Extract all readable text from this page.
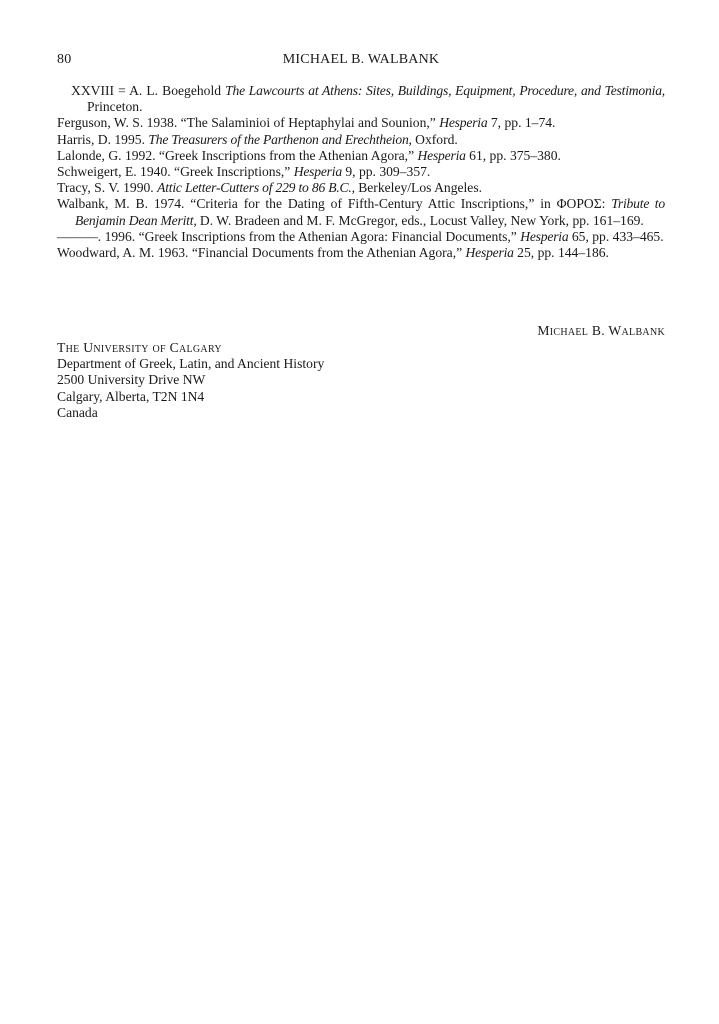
80	MICHAEL B. WALBANK

XXVIII = A. L. Boegehold The Lawcourts at Athens: Sites, Buildings, Equipment, Procedure, and Testimonia, Princeton.

Ferguson, W. S. 1938. “The Salaminioi of Heptaphylai and Sounion,” Hesperia 7, pp. 1–74.

Harris, D. 1995. The Treasurers of the Parthenon and Erechtheion, Oxford.

Lalonde, G. 1992. “Greek Inscriptions from the Athenian Agora,” Hesperia 61, pp. 375–380.

Schweigert, E. 1940. “Greek Inscriptions,” Hesperia 9, pp. 309–357.

Tracy, S. V. 1990. Attic Letter-Cutters of 229 to 86 B.C., Berkeley/Los Angeles.

Walbank, M. B. 1974. “Criteria for the Dating of Fifth-Century Attic Inscriptions,” in ΦΟΡΟΣ: Tribute to Benjamin Dean Meritt, D. W. Bradeen and M. F. McGregor, eds., Locust Valley, New York, pp. 161–169.

———. 1996. “Greek Inscriptions from the Athenian Agora: Financial Documents,” Hesperia 65, pp. 433–465.

Woodward, A. M. 1963. “Financial Documents from the Athenian Agora,” Hesperia 25, pp. 144–186.

Michael B. Walbank
The University of Calgary
Department of Greek, Latin, and Ancient History
2500 University Drive NW
Calgary, Alberta, T2N 1N4
Canada
